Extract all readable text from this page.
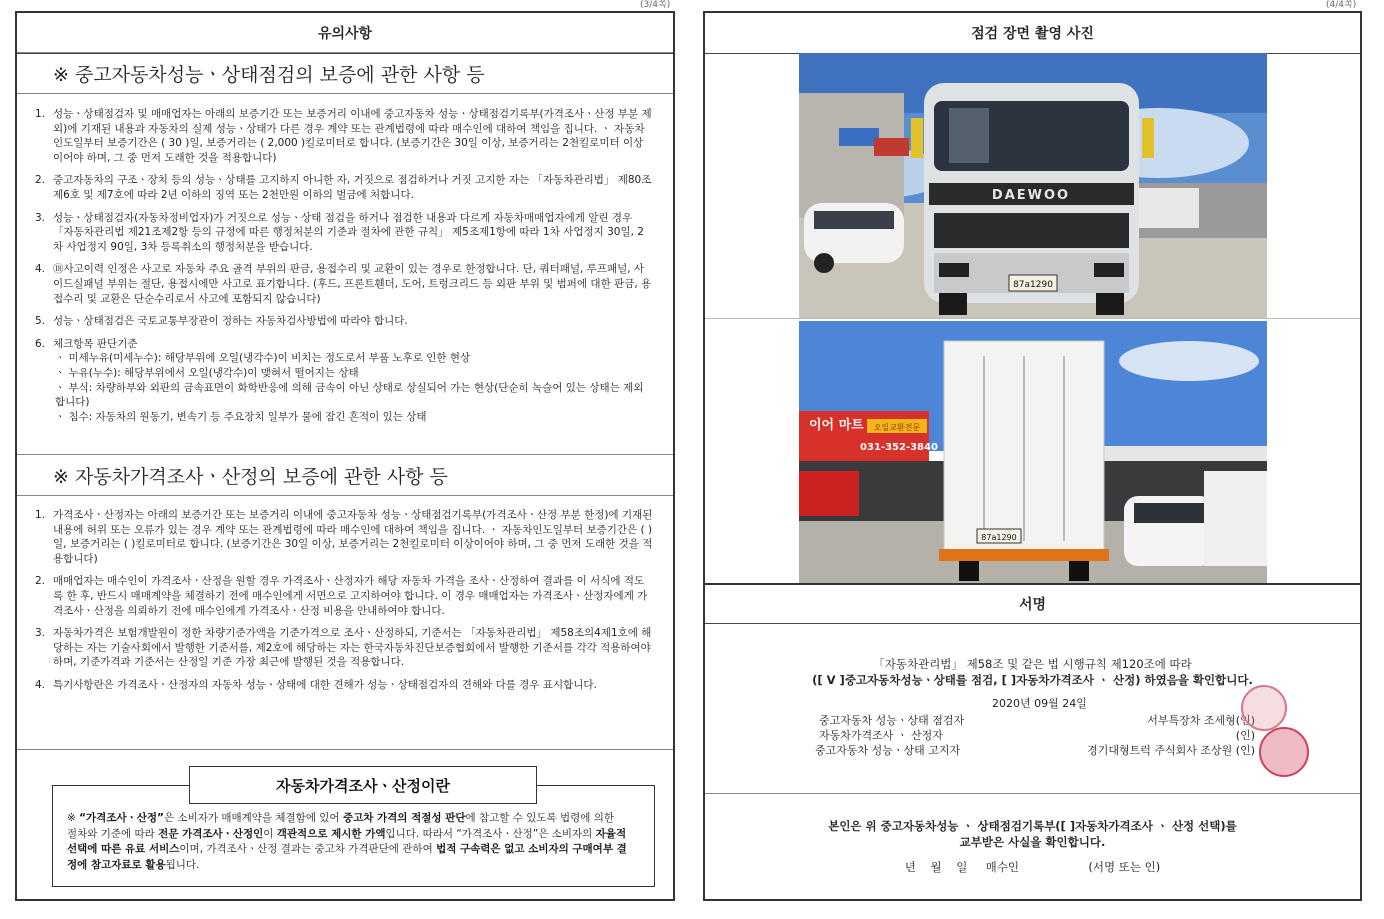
(3/4쪽)
유의사항
※ 중고자동차성능ㆍ상태점검의 보증에 관한 사항 등
1. 성능ㆍ상태점검자 및 매매업자는 아래의 보증기간 또는 보증거리 이내에 중고자동차 성능ㆍ상태점검기록부(가격조사ㆍ산정 부분 제외)에 기재된 내용과 자동차의 실제 성능ㆍ상태가 다른 경우 계약 또는 관계법령에 따라 매수인에 대하여 책임을 집니다. ㆍ 자동차인도일부터 보증기간은 ( 30 )일, 보증거리는 ( 2,000 )킬로미터로 합니다. (보증기간은 30일 이상, 보증거리는 2천킬로미터 이상이어야 하며, 그 중 먼저 도래한 것을 적용합니다)
2. 중고자동차의 구조ㆍ장치 등의 성능ㆍ상태를 고지하지 아니한 자, 거짓으로 점검하거나 거짓 고지한 자는 「자동차관리법」 제80조제6호 및 제7호에 따라 2년 이하의 징역 또는 2천만원 이하의 벌금에 처합니다.
3. 성능ㆍ상태점검자(자동차정비업자)가 거짓으로 성능ㆍ상태 점검을 하거나 점검한 내용과 다르게 자동차매매업자에게 알린 경우 「자동차관리법 제21조제2항 등의 규정에 따른 행정처분의 기준과 절차에 관한 규칙」 제5조제1항에 따라 1차 사업정지 30일, 2차 사업정지 90일, 3차 등록취소의 행정처분을 받습니다.
4. ⑱사고이력 인정은 사고로 자동차 주요 골격 부위의 판금, 용접수리 및 교환이 있는 경우로 한정합니다. 단, 쿼터패널, 루프패널, 사이드실패널 부위는 절단, 용접시에만 사고로 표기합니다. (후드, 프론트휀더, 도어, 트렁크리드 등 외판 부위 및 범퍼에 대한 판금, 용접수리 및 교환은 단순수리로서 사고에 포함되지 않습니다)
5. 성능ㆍ상태점검은 국토교통부장관이 정하는 자동차검사방법에 따라야 합니다.
6. 체크항목 판단기준
ㆍ 미세누유(미세누수): 해당부위에 오일(냉각수)이 비치는 정도로서 부품 노후로 인한 현상
ㆍ 누유(누수): 해당부위에서 오일(냉각수)이 맺혀서 떨어지는 상태
ㆍ 부식: 차량하부와 외판의 금속표면이 화학반응에 의해 금속이 아닌 상태로 상실되어 가는 현상(단순히 녹슬어 있는 상태는 제외합니다)
ㆍ 침수: 자동차의 원동기, 변속기 등 주요장치 일부가 물에 잠긴 흔적이 있는 상태
※ 자동차가격조사ㆍ산정의 보증에 관한 사항 등
1. 가격조사ㆍ산정자는 아래의 보증기간 또는 보증거리 이내에 중고자동차 성능ㆍ상태점검기록부(가격조사ㆍ산정 부분 한정)에 기재된 내용에 허위 또는 오류가 있는 경우 계약 또는 관계법령에 따라 매수인에 대하여 책임을 집니다. ㆍ 자동차인도일부터 보증기간은 ( )일, 보증거리는 ( )킬로미터로 합니다. (보증기간은 30일 이상, 보증거리는 2천킬로미터 이상이어야 하며, 그 중 먼저 도래한 것을 적용합니다)
2. 매매업자는 매수인이 가격조사ㆍ산정을 원할 경우 가격조사ㆍ산정자가 해당 자동차 가격을 조사ㆍ산정하여 결과를 이 서식에 적도록 한 후, 반드시 매매계약을 체결하기 전에 매수인에게 서면으로 고지하여야 합니다. 이 경우 매매업자는 가격조사ㆍ산정자에게 가격조사ㆍ산정을 의뢰하기 전에 매수인에게 가격조사ㆍ산정 비용을 안내하여야 합니다.
3. 자동차가격은 보험개발원이 정한 차량기준가액을 기준가격으로 조사ㆍ산정하되, 기준서는 「자동차관리법」 제58조의4제1호에 해당하는 자는 기술사회에서 발행한 기준서를, 제2호에 해당하는 자는 한국자동차진단보증협회에서 발행한 기준서를 각각 적용하여야 하며, 기준가격과 기준서는 산정일 기준 가장 최근에 발행된 것을 적용합니다.
4. 특기사항란은 가격조사ㆍ산정자의 자동차 성능ㆍ상태에 대한 견해가 성능ㆍ상태점검자의 견해와 다를 경우 표시합니다.
자동차가격조사ㆍ산정이란
※ “가격조사ㆍ산정”은 소비자가 매매계약을 체결함에 있어 중고차 가격의 적절성 판단에 참고할 수 있도록 법령에 의한 절차와 기준에 따라 전문 가격조사ㆍ산정인이 객관적으로 제시한 가액입니다. 따라서 “가격조사ㆍ산정”은 소비자의 자율적 선택에 따른 유료 서비스이며, 가격조사ㆍ산정 결과는 중고차 가격판단에 관하여 법적 구속력은 없고 소비자의 구매여부 결정에 참고자료로 활용됩니다.
(4/4쪽)
점검 장면 촬영 사진
DAEWOO
87a1290
이어 마트 오일교환전문
031-352-3840
87a1290
서명
「자동차관리법」 제58조 및 같은 법 시행규칙 제120조에 따라
([ V ]중고자동차성능ㆍ상태를 점검, [ ]자동차가격조사 ㆍ 산정) 하였음을 확인합니다.
2020년 09월 24일
중고자동차 성능ㆍ상태 점검자	서부특장차 조세형(인)
자동차가격조사 ㆍ 산정자	(인)
중고자동차 성능ㆍ상태 고지자	경기대형트럭 주식회사 조상원 (인)
본인은 위 중고자동차성능 ㆍ 상태점검기록부([ ]자동차가격조사 ㆍ 산정 선택)를
교부받은 사실을 확인합니다.
년    월    일     매수인                   (서명 또는 인)
